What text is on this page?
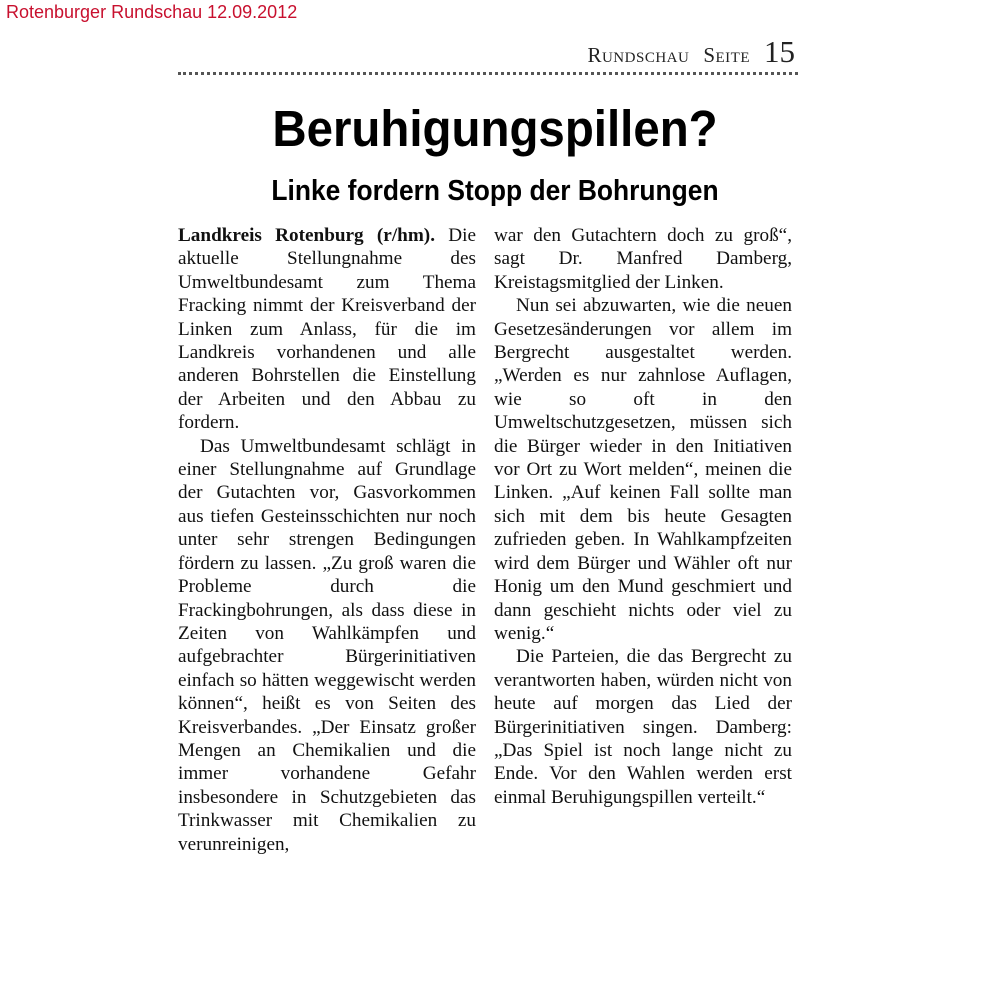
Rotenburger Rundschau 12.09.2012
Rundschau Seite 15
Beruhigungspillen?
Linke fordern Stopp der Bohrungen

Landkreis Rotenburg (r/hm). Die aktuelle Stellungnahme des Umweltbundesamt zum Thema Fracking nimmt der Kreisverband der Linken zum Anlass, für die im Landkreis vorhandenen und alle anderen Bohrstellen die Einstellung der Arbeiten und den Abbau zu fordern.

Das Umweltbundesamt schlägt in einer Stellungnahme auf Grundlage der Gutachten vor, Gasvorkommen aus tiefen Gesteinsschichten nur noch unter sehr strengen Bedingungen fördern zu lassen. „Zu groß waren die Probleme durch die Frackingbohrungen, als dass diese in Zeiten von Wahlkämpfen und aufgebrachter Bürgerinitiativen einfach so hätten weggewischt werden können“, heißt es von Seiten des Kreisverbandes. „Der Einsatz großer Mengen an Chemikalien und die immer vorhandene Gefahr insbesondere in Schutzgebieten das Trinkwasser mit Chemikalien zu verunreinigen,

war den Gutachtern doch zu groß“, sagt Dr. Manfred Damberg, Kreistagsmitglied der Linken.

Nun sei abzuwarten, wie die neuen Gesetzesänderungen vor allem im Bergrecht ausgestaltet werden. „Werden es nur zahnlose Auflagen, wie so oft in den Umweltschutzgesetzen, müssen sich die Bürger wieder in den Initiativen vor Ort zu Wort melden“, meinen die Linken. „Auf keinen Fall sollte man sich mit dem bis heute Gesagten zufrieden geben. In Wahlkampfzeiten wird dem Bürger und Wähler oft nur Honig um den Mund geschmiert und dann geschieht nichts oder viel zu wenig.“

Die Parteien, die das Bergrecht zu verantworten haben, würden nicht von heute auf morgen das Lied der Bürgerinitiativen singen. Damberg: „Das Spiel ist noch lange nicht zu Ende. Vor den Wahlen werden erst einmal Beruhigungspillen verteilt.“
